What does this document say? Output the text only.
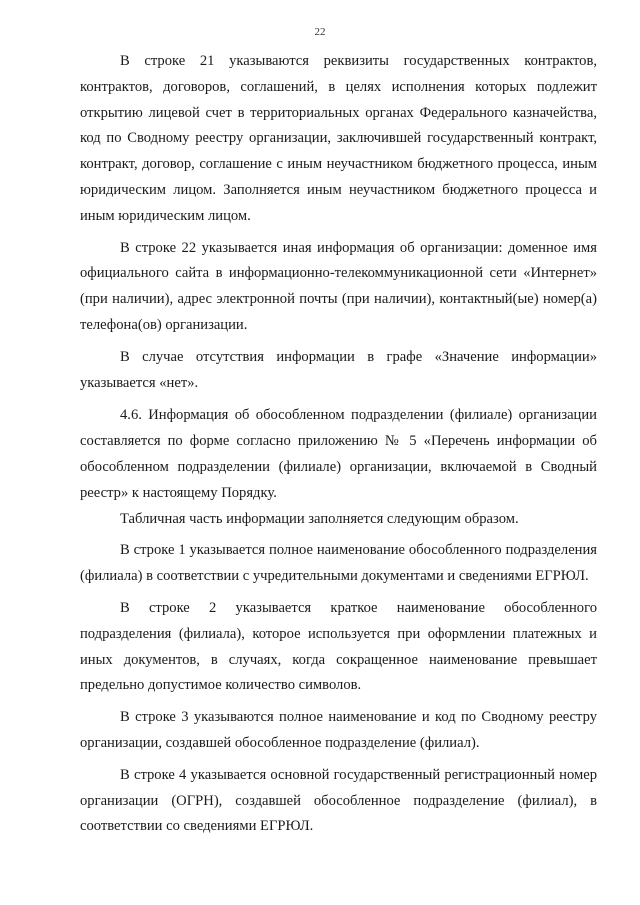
22

В строке 21 указываются реквизиты государственных контрактов, контрактов, договоров, соглашений, в целях исполнения которых подлежит открытию лицевой счет в территориальных органах Федерального казначейства, код по Сводному реестру организации, заключившей государственный контракт, контракт, договор, соглашение с иным неучастником бюджетного процесса, иным юридическим лицом. Заполняется иным неучастником бюджетного процесса и иным юридическим лицом.

В строке 22 указывается иная информация об организации: доменное имя официального сайта в информационно-телекоммуникационной сети «Интернет» (при наличии), адрес электронной почты (при наличии), контактный(ые) номер(а) телефона(ов) организации.

В случае отсутствия информации в графе «Значение информации» указывается «нет».

4.6. Информация об обособленном подразделении (филиале) организации составляется по форме согласно приложению № 5 «Перечень информации об обособленном подразделении (филиале) организации, включаемой в Сводный реестр» к настоящему Порядку.

Табличная часть информации заполняется следующим образом.

В строке 1 указывается полное наименование обособленного подразделения (филиала) в соответствии с учредительными документами и сведениями ЕГРЮЛ.

В строке 2 указывается краткое наименование обособленного подразделения (филиала), которое используется при оформлении платежных и иных документов, в случаях, когда сокращенное наименование превышает предельно допустимое количество символов.

В строке 3 указываются полное наименование и код по Сводному реестру организации, создавшей обособленное подразделение (филиал).

В строке 4 указывается основной государственный регистрационный номер организации (ОГРН), создавшей обособленное подразделение (филиал), в соответствии со сведениями ЕГРЮЛ.
